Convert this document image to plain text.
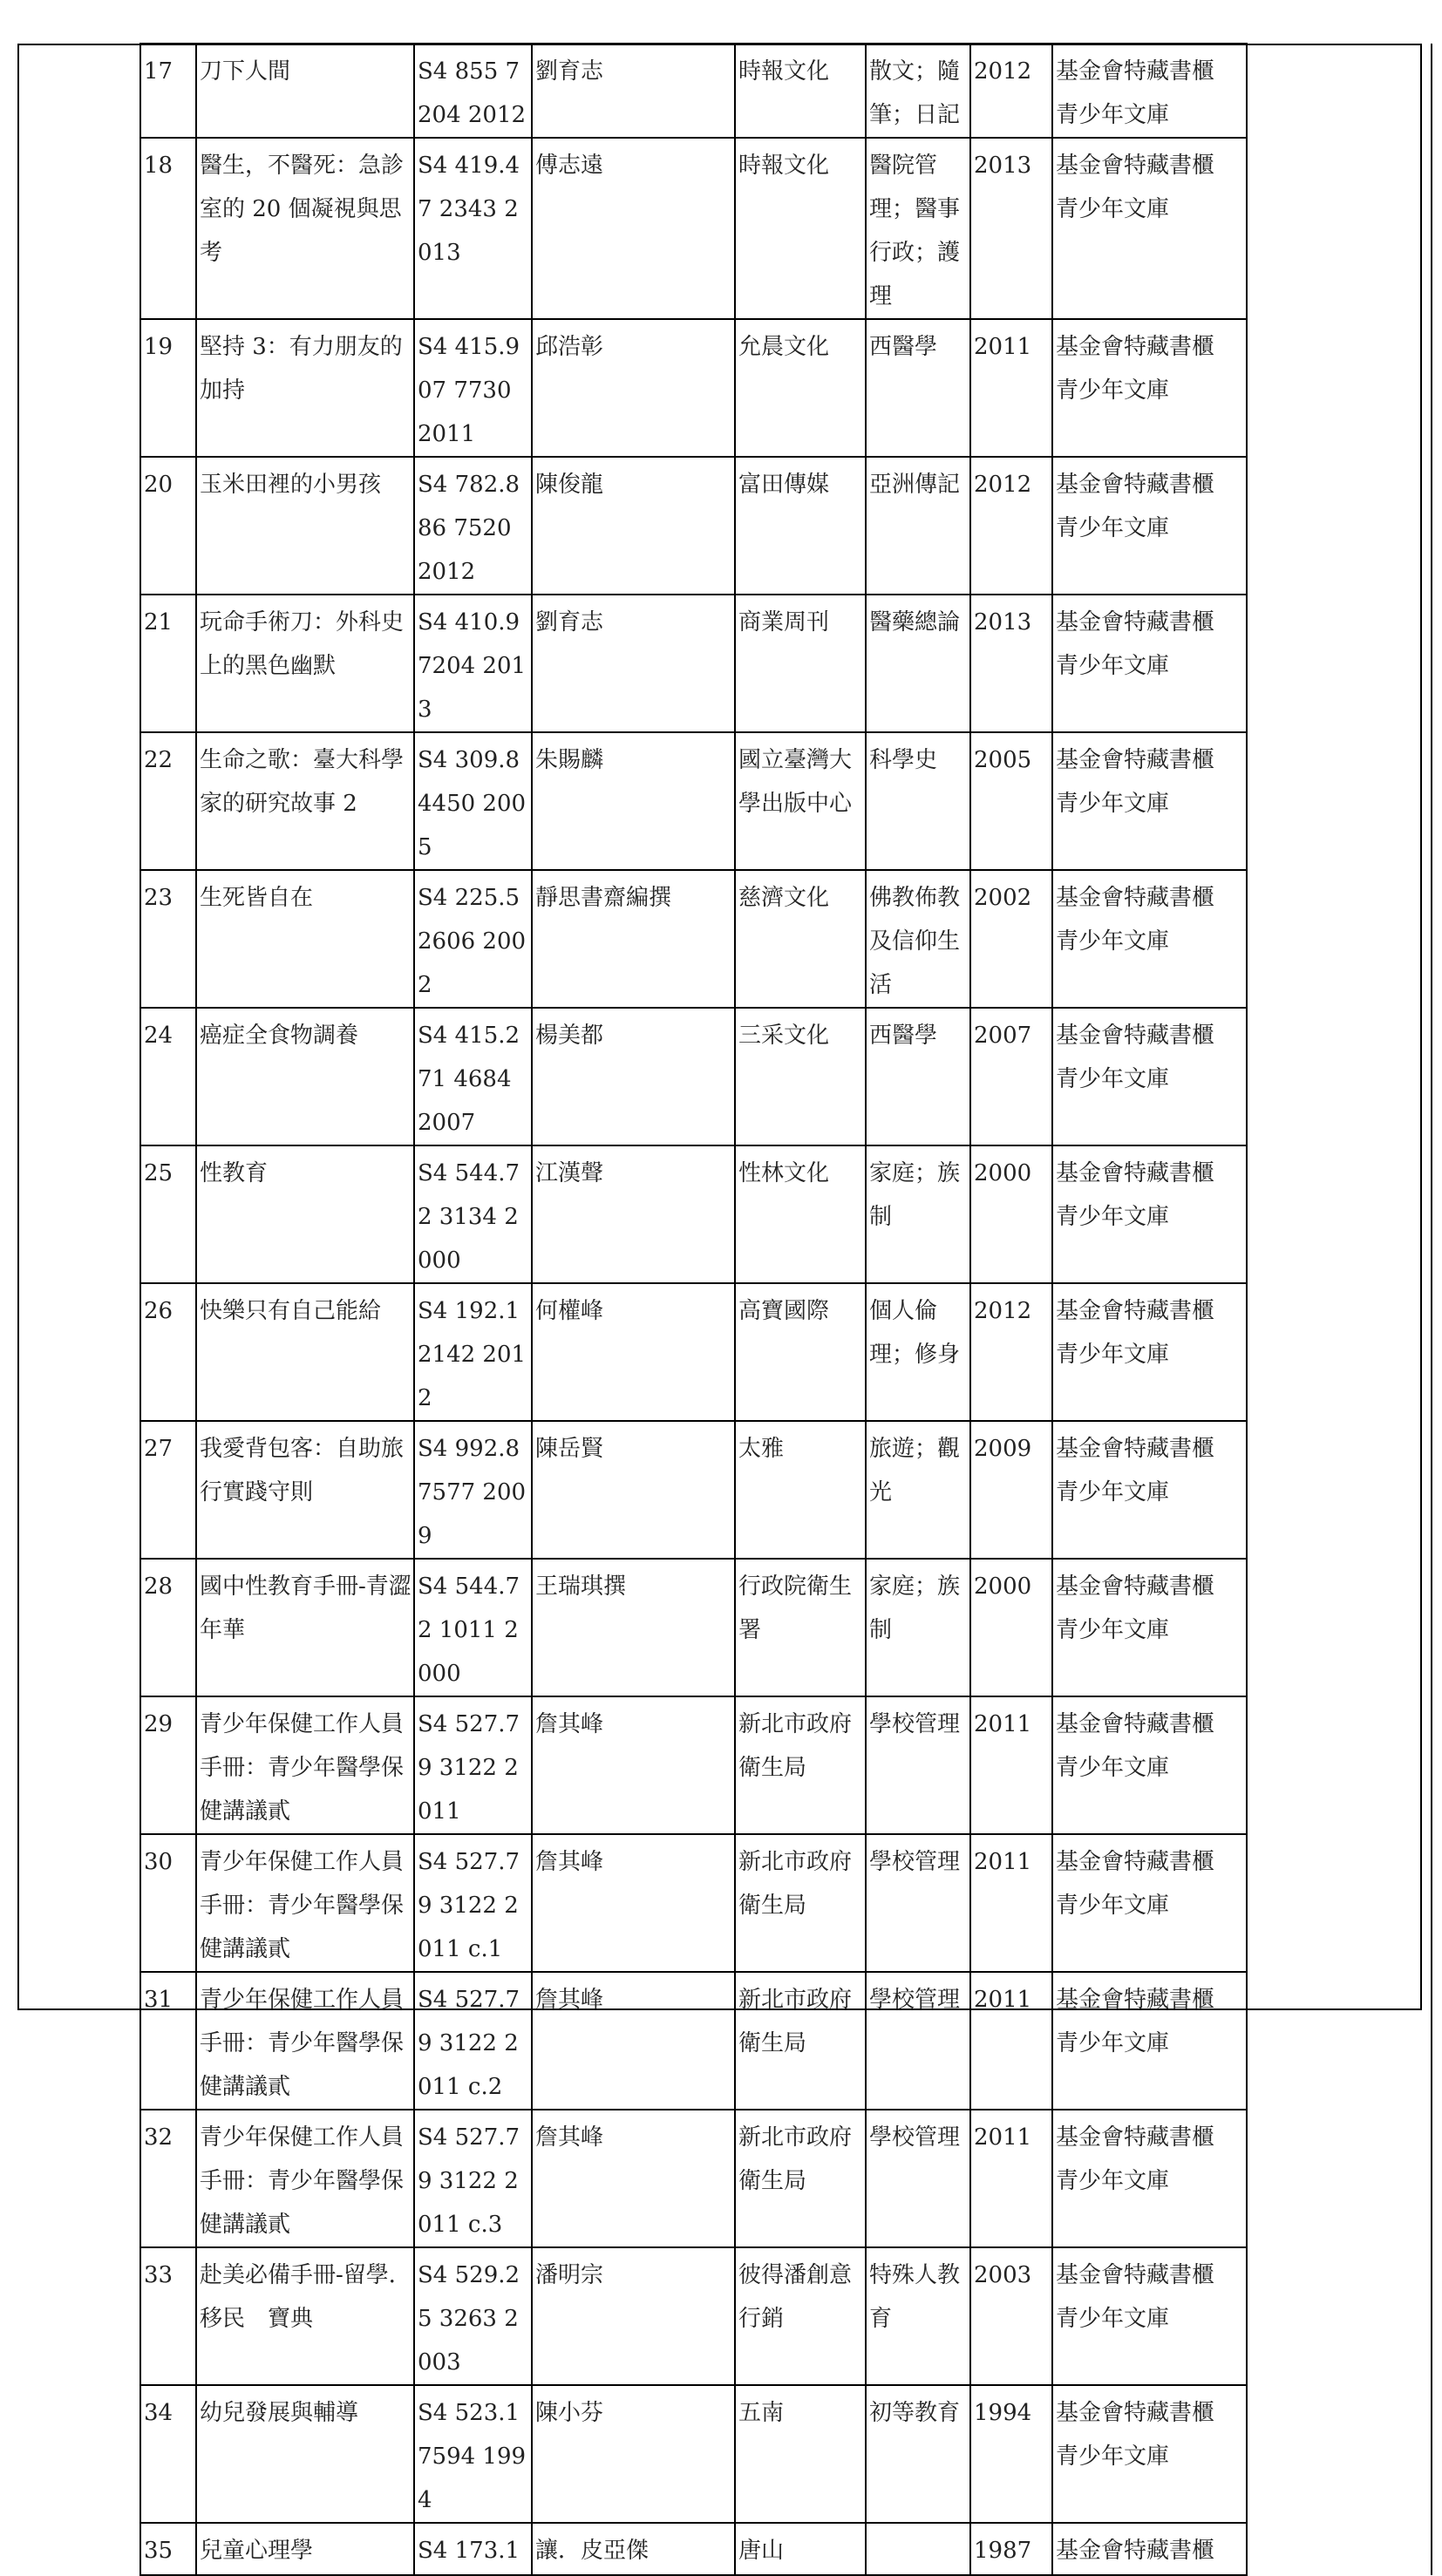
17	刀下人間	S4 855 7204 2012	劉育志	時報文化	散文；隨筆；日記	2012	基金會特藏書櫃 青少年文庫	
18	醫生，不醫死：急診室的 20 個凝視與思考	S4 419.47 2343 2013	傅志遠	時報文化	醫院管理；醫事行政；護理	2013	基金會特藏書櫃 青少年文庫	
19	堅持 3：有力朋友的加持	S4 415.907 7730 2011	邱浩彰	允晨文化	西醫學	2011	基金會特藏書櫃 青少年文庫	
20	玉米田裡的小男孩	S4 782.886 7520 2012	陳俊龍	富田傳媒	亞洲傳記	2012	基金會特藏書櫃 青少年文庫	
21	玩命手術刀：外科史上的黑色幽默	S4 410.9 7204 2013	劉育志	商業周刊	醫藥總論	2013	基金會特藏書櫃 青少年文庫	
22	生命之歌：臺大科學家的研究故事 2	S4 309.8 4450 2005	朱賜麟	國立臺灣大學出版中心	科學史	2005	基金會特藏書櫃 青少年文庫	
23	生死皆自在	S4 225.5 2606 2002	靜思書齋編撰	慈濟文化	佛教佈教及信仰生活	2002	基金會特藏書櫃 青少年文庫	
24	癌症全食物調養	S4 415.271 4684 2007	楊美都	三采文化	西醫學	2007	基金會特藏書櫃 青少年文庫	
25	性教育	S4 544.72 3134 2000	江漢聲	性林文化	家庭；族制	2000	基金會特藏書櫃 青少年文庫	
26	快樂只有自己能給	S4 192.1 2142 2012	何權峰	高寶國際	個人倫理；修身	2012	基金會特藏書櫃 青少年文庫	
27	我愛背包客：自助旅行實踐守則	S4 992.8 7577 2009	陳岳賢	太雅	旅遊；觀光	2009	基金會特藏書櫃 青少年文庫	
28	國中性教育手冊-青澀年華	S4 544.72 1011 2000	王瑞琪撰	行政院衛生署	家庭；族制	2000	基金會特藏書櫃 青少年文庫	
29	青少年保健工作人員手冊：青少年醫學保健講議貳	S4 527.79 3122 2011	詹其峰	新北市政府衛生局	學校管理	2011	基金會特藏書櫃 青少年文庫	
30	青少年保健工作人員手冊：青少年醫學保健講議貳	S4 527.79 3122 2011 c.1	詹其峰	新北市政府衛生局	學校管理	2011	基金會特藏書櫃 青少年文庫	
31	青少年保健工作人員手冊：青少年醫學保健講議貳	S4 527.79 3122 2011 c.2	詹其峰	新北市政府衛生局	學校管理	2011	基金會特藏書櫃 青少年文庫	
32	青少年保健工作人員手冊：青少年醫學保健講議貳	S4 527.79 3122 2011 c.3	詹其峰	新北市政府衛生局	學校管理	2011	基金會特藏書櫃 青少年文庫	
33	赴美必備手冊-留學．移民　寶典	S4 529.25 3263 2003	潘明宗	彼得潘創意行銷	特殊人教育	2003	基金會特藏書櫃 青少年文庫	
34	幼兒發展與輔導	S4 523.1 7594 1994	陳小芬	五南	初等教育	1994	基金會特藏書櫃 青少年文庫	
35	兒童心理學	S4 173.1	讓．皮亞傑	唐山		1987	基金會特藏書櫃	
